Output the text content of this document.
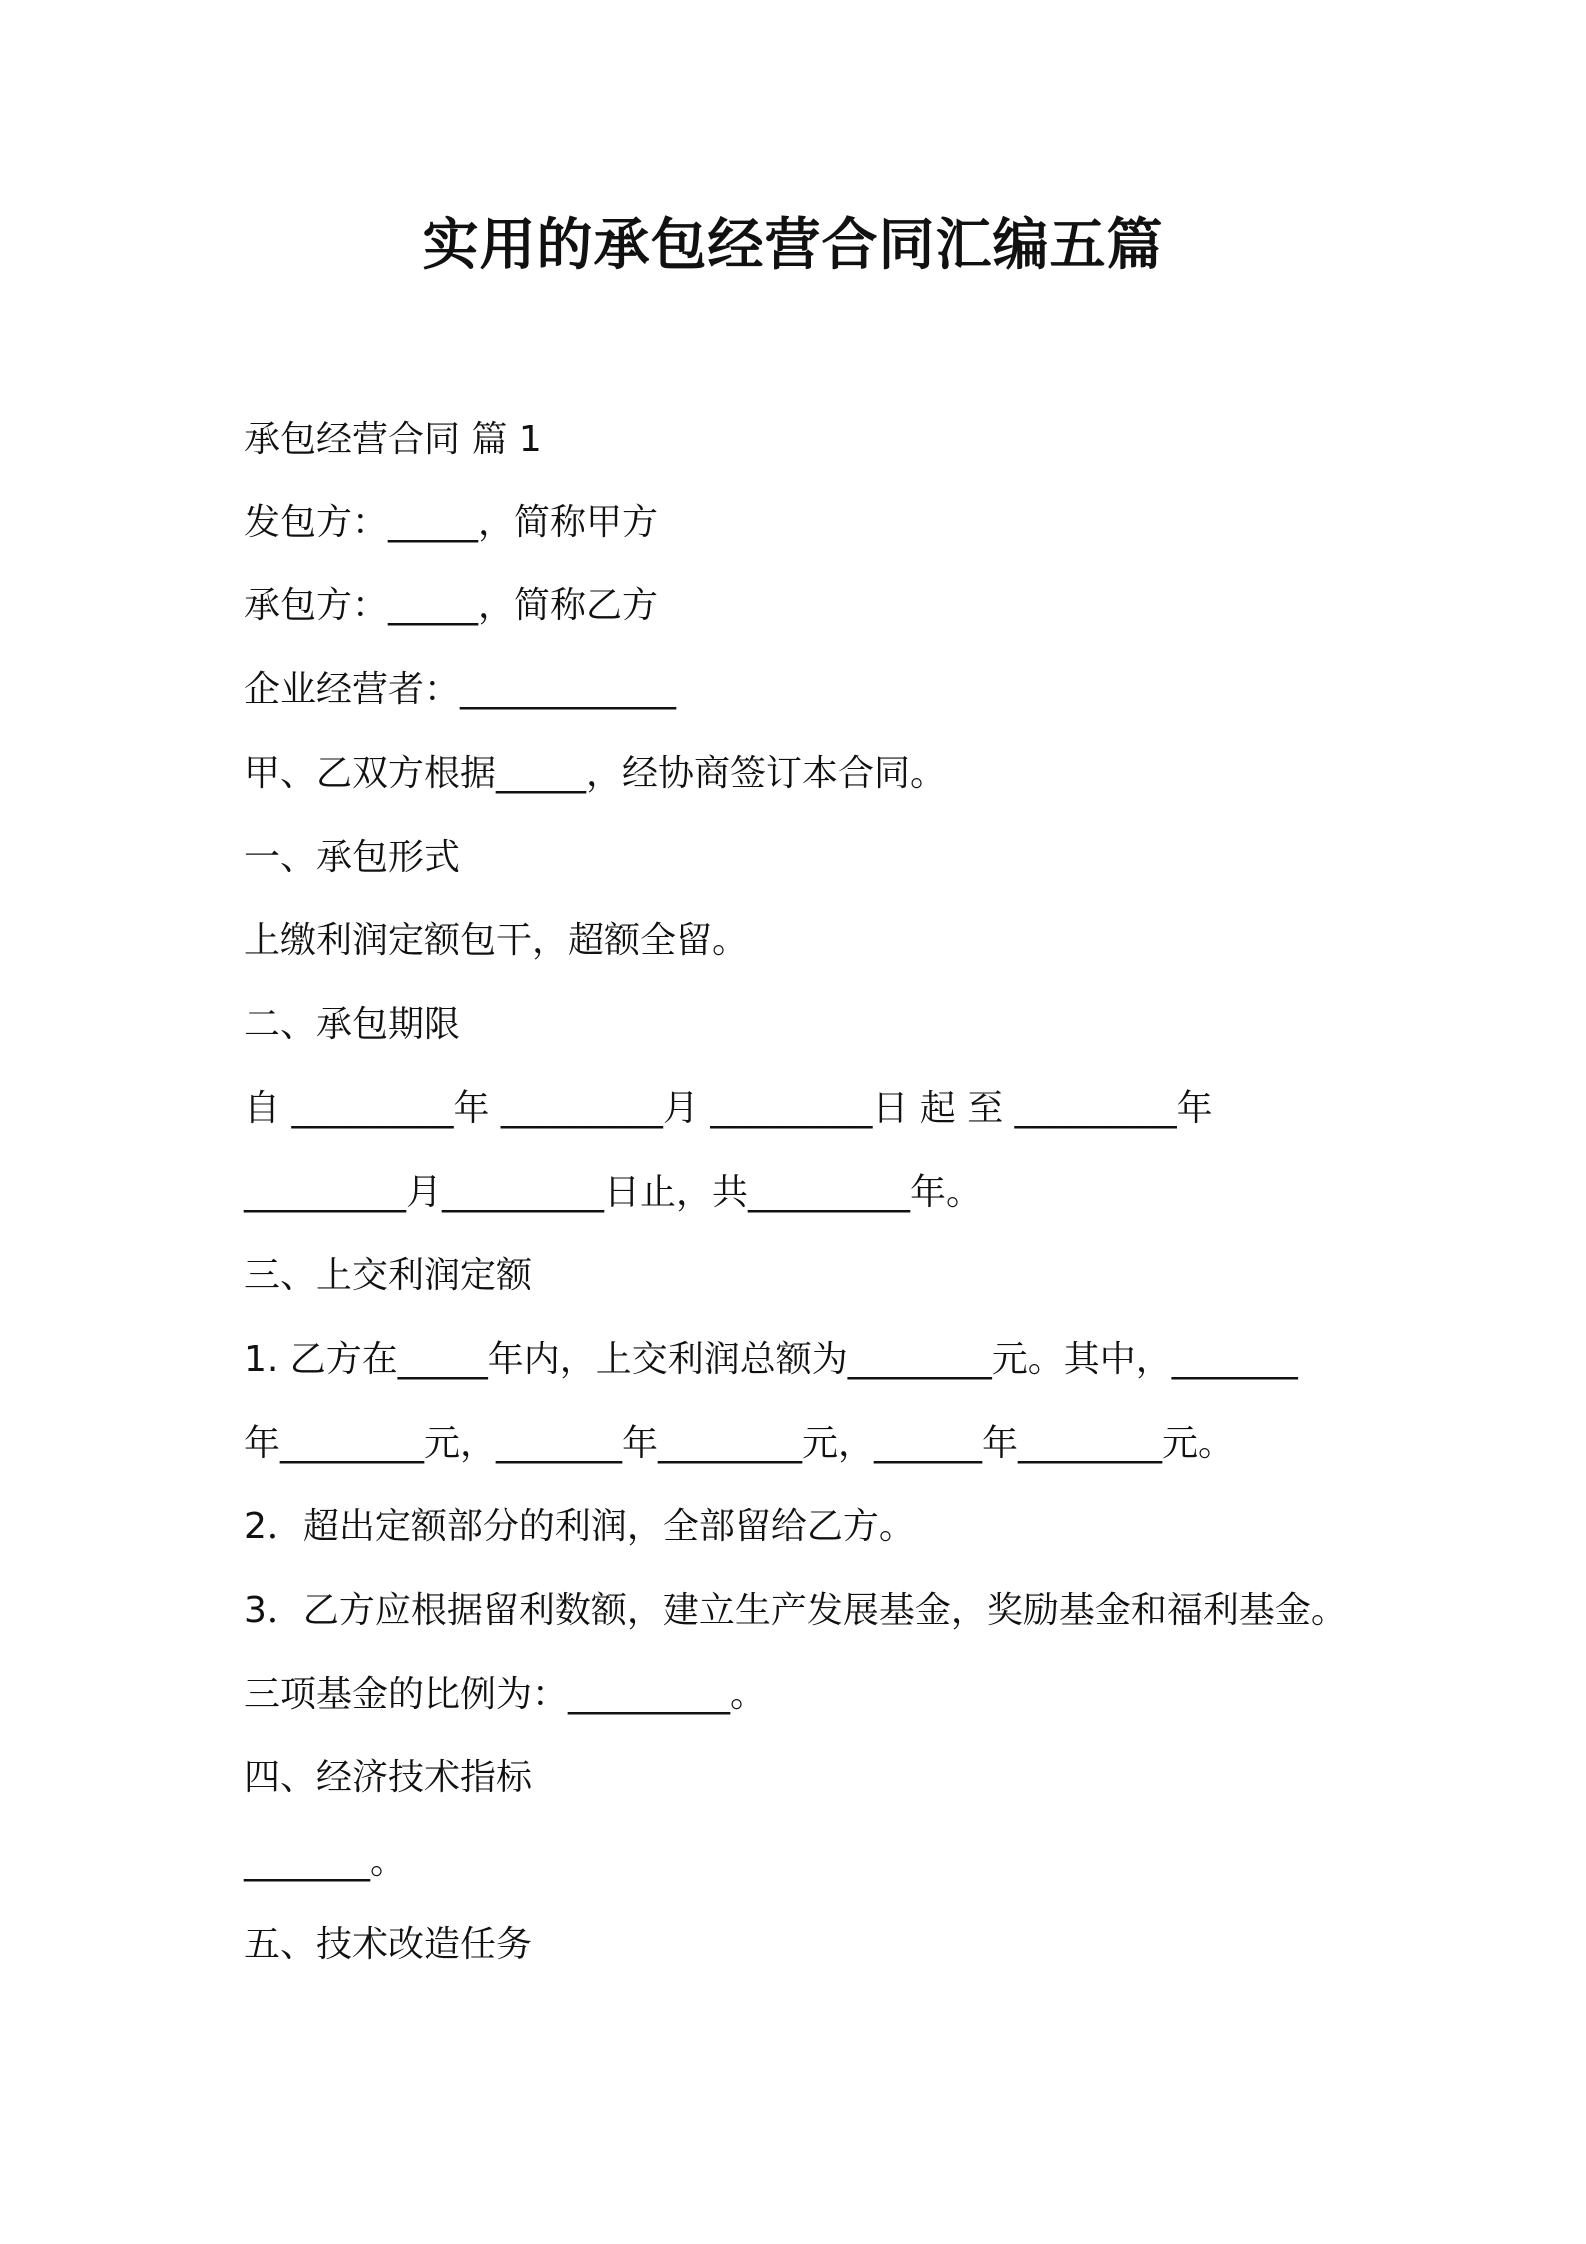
实用的承包经营合同汇编五篇
承包经营合同 篇 1
发包方：_____，简称甲方
承包方：_____，简称乙方
企业经营者：____________
甲、乙双方根据_____，经协商签订本合同。
一、承包形式
上缴利润定额包干，超额全留。
二、承包期限
自 _________年 _________月 _________日 起 至 _________年
_________月_________日止，共_________年。
三、上交利润定额
1. 乙方在_____年内，上交利润总额为________元。其中，_______
年________元，_______年________元，______年________元。
2．超出定额部分的利润，全部留给乙方。
3．乙方应根据留利数额，建立生产发展基金，奖励基金和福利基金。
三项基金的比例为：_________。
四、经济技术指标
_______。
五、技术改造任务
